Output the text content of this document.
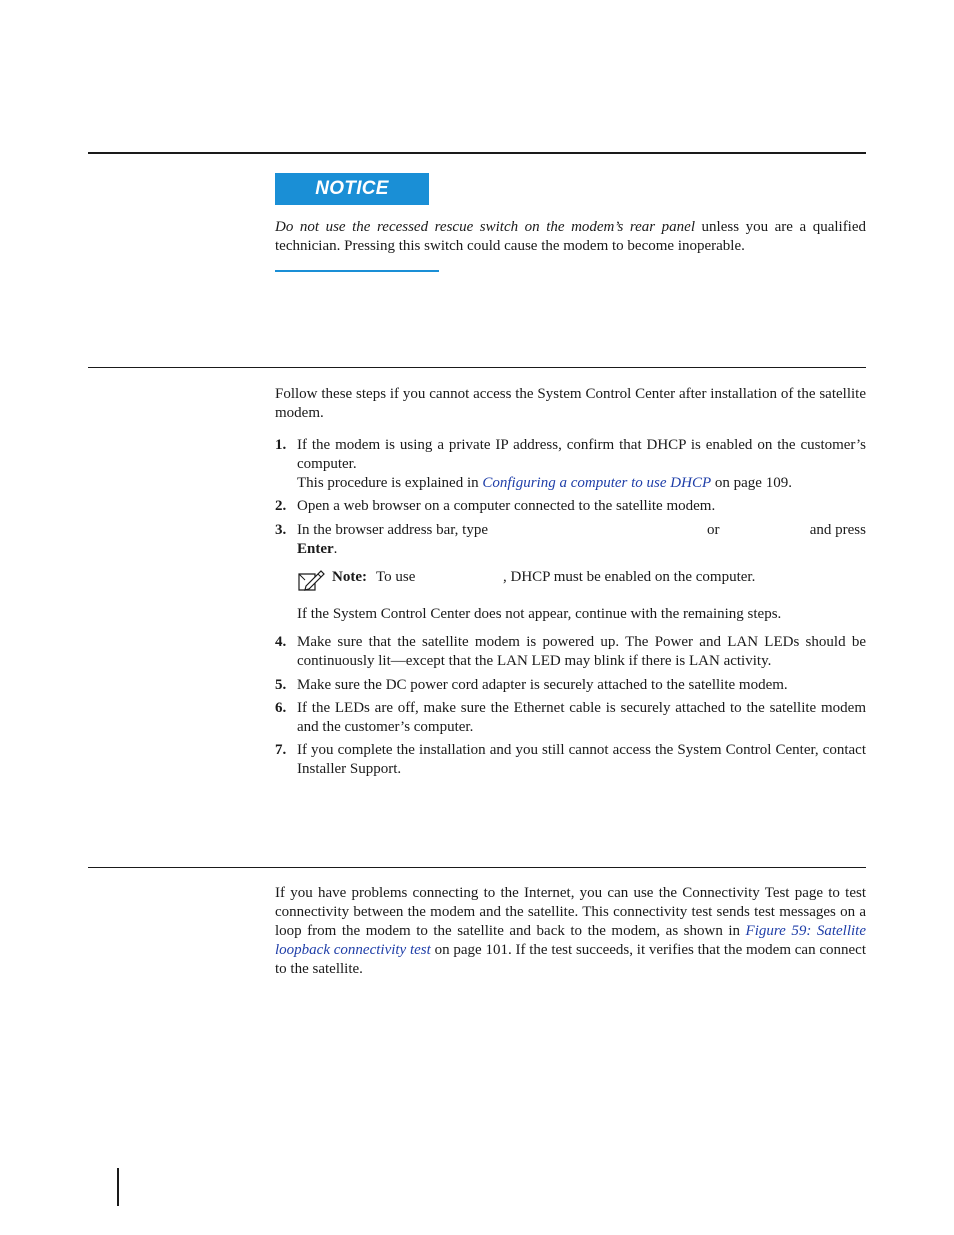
NOTICE

Do not use the recessed rescue switch on the modem’s rear panel unless you are a qualified technician. Pressing this switch could cause the modem to become inoperable.

Follow these steps if you cannot access the System Control Center after installation of the satellite modem.

1. If the modem is using a private IP address, confirm that DHCP is enabled on the customer’s computer.
This procedure is explained in Configuring a computer to use DHCP on page 109.
2. Open a web browser on a computer connected to the satellite modem.
3. In the browser address bar, type	or	and press
Enter.
Note: To use	, DHCP must be enabled on the computer.

If the System Control Center does not appear, continue with the remaining steps.

4. Make sure that the satellite modem is powered up. The Power and LAN LEDs should be continuously lit—except that the LAN LED may blink if there is LAN activity.
5. Make sure the DC power cord adapter is securely attached to the satellite modem.
6. If the LEDs are off, make sure the Ethernet cable is securely attached to the satellite modem and the customer’s computer.
7. If you complete the installation and you still cannot access the System Control Center, contact Installer Support.

If you have problems connecting to the Internet, you can use the Connectivity Test page to test connectivity between the modem and the satellite. This connectivity test sends test messages on a loop from the modem to the satellite and back to the modem, as shown in Figure 59: Satellite loopback connectivity test on page 101. If the test succeeds, it verifies that the modem can connect to the satellite.
